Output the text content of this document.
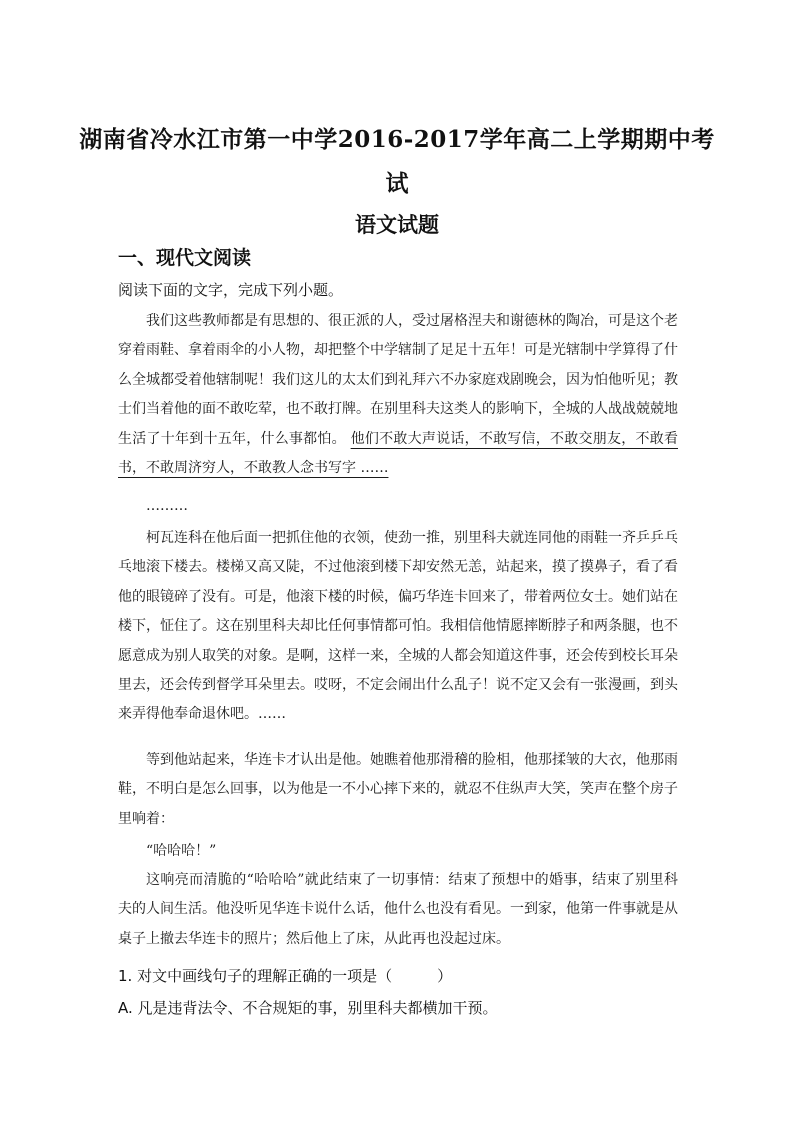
湖南省冷水江市第一中学2016-2017学年高二上学期期中考
试
语文试题
一、现代文阅读
阅读下面的文字，完成下列小题。
我们这些教师都是有思想的、很正派的人，受过屠格涅夫和谢德林的陶冶，可是这个老穿着雨鞋、拿着雨伞的小人物，却把整个中学辖制了足足十五年！可是光辖制中学算得了什么全城都受着他辖制呢！我们这儿的太太们到礼拜六不办家庭戏剧晚会，因为怕他听见；教士们当着他的面不敢吃荤，也不敢打牌。在别里科夫这类人的影响下，全城的人战战兢兢地生活了十年到十五年，什么事都怕。 他们不敢大声说话，不敢写信，不敢交朋友，不敢看书，不敢周济穷人，不敢教人念书写字 ……
………
柯瓦连科在他后面一把抓住他的衣领，使劲一推，别里科夫就连同他的雨鞋一齐乒乒乓乓地滚下楼去。楼梯又高又陡，不过他滚到楼下却安然无恙，站起来，摸了摸鼻子，看了看他的眼镜碎了没有。可是，他滚下楼的时候，偏巧华连卡回来了，带着两位女士。她们站在楼下，怔住了。这在别里科夫却比任何事情都可怕。我相信他情愿摔断脖子和两条腿，也不愿意成为别人取笑的对象。是啊，这样一来，全城的人都会知道这件事，还会传到校长耳朵里去，还会传到督学耳朵里去。哎呀，不定会闹出什么乱子！说不定又会有一张漫画，到头来弄得他奉命退休吧。……
等到他站起来，华连卡才认出是他。她瞧着他那滑稽的脸相，他那揉皱的大衣，他那雨鞋，不明白是怎么回事，以为他是一不小心摔下来的，就忍不住纵声大笑，笑声在整个房子里响着：
“哈哈哈！”
这响亮而清脆的“哈哈哈”就此结束了一切事情：结束了预想中的婚事，结束了别里科夫的人间生活。他没听见华连卡说什么话，他什么也没有看见。一到家，他第一件事就是从桌子上撤去华连卡的照片；然后他上了床，从此再也没起过床。
1. 对文中画线句子的理解正确的一项是（　　　）
A. 凡是违背法令、不合规矩的事，别里科夫都横加干预。
